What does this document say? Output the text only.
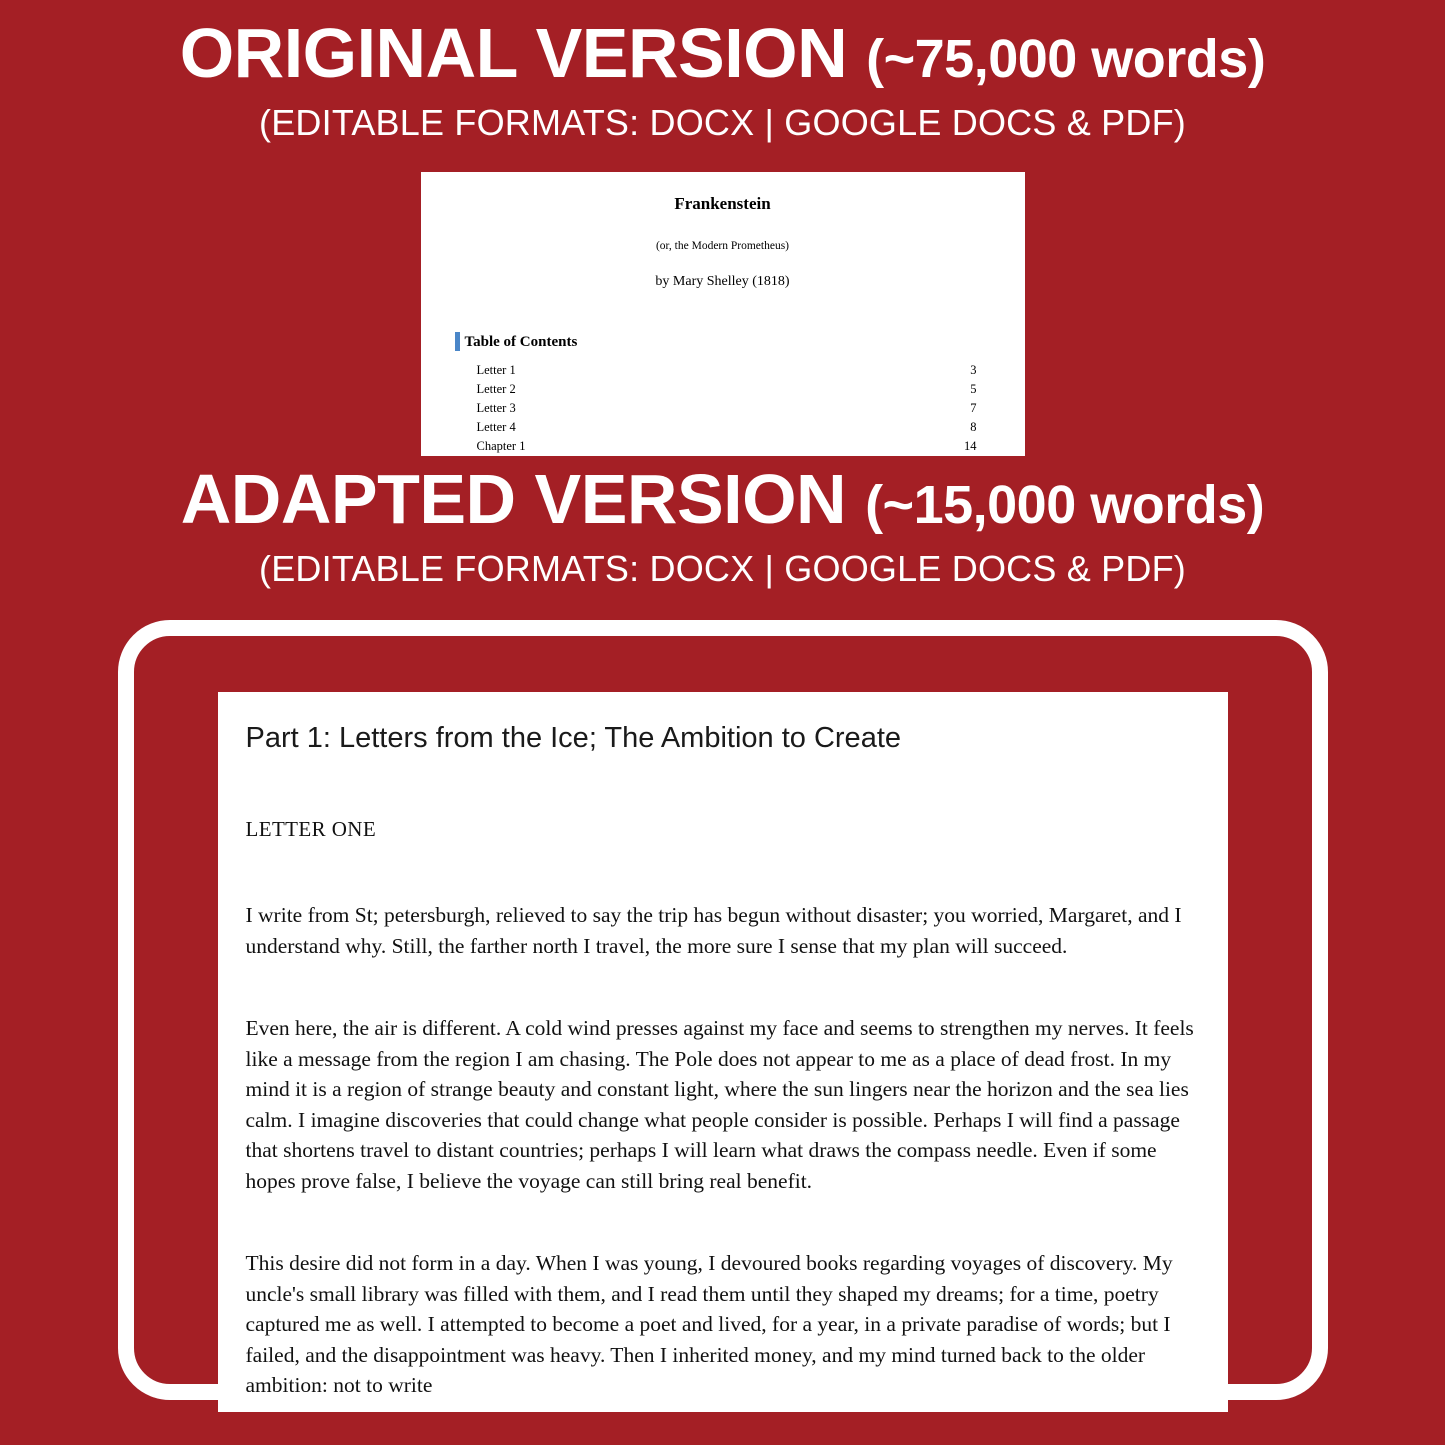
ORIGINAL VERSION (~75,000 words)
(EDITABLE FORMATS: DOCX | GOOGLE DOCS & PDF)
Frankenstein
(or, the Modern Prometheus)
by Mary Shelley (1818)
Table of Contents
Letter 1	3
Letter 2	5
Letter 3	7
Letter 4	8
Chapter 1	14
ADAPTED VERSION (~15,000 words)
(EDITABLE FORMATS: DOCX | GOOGLE DOCS & PDF)
Part 1: Letters from the Ice; The Ambition to Create
LETTER ONE

I write from St; petersburgh, relieved to say the trip has begun without disaster; you worried, Margaret, and I understand why. Still, the farther north I travel, the more sure I sense that my plan will succeed.

Even here, the air is different. A cold wind presses against my face and seems to strengthen my nerves. It feels like a message from the region I am chasing. The Pole does not appear to me as a place of dead frost. In my mind it is a region of strange beauty and constant light, where the sun lingers near the horizon and the sea lies calm. I imagine discoveries that could change what people consider is possible. Perhaps I will find a passage that shortens travel to distant countries; perhaps I will learn what draws the compass needle. Even if some hopes prove false, I believe the voyage can still bring real benefit.

This desire did not form in a day. When I was young, I devoured books regarding voyages of discovery. My uncle's small library was filled with them, and I read them until they shaped my dreams; for a time, poetry captured me as well. I attempted to become a poet and lived, for a year, in a private paradise of words; but I failed, and the disappointment was heavy. Then I inherited money, and my mind turned back to the older ambition: not to write
